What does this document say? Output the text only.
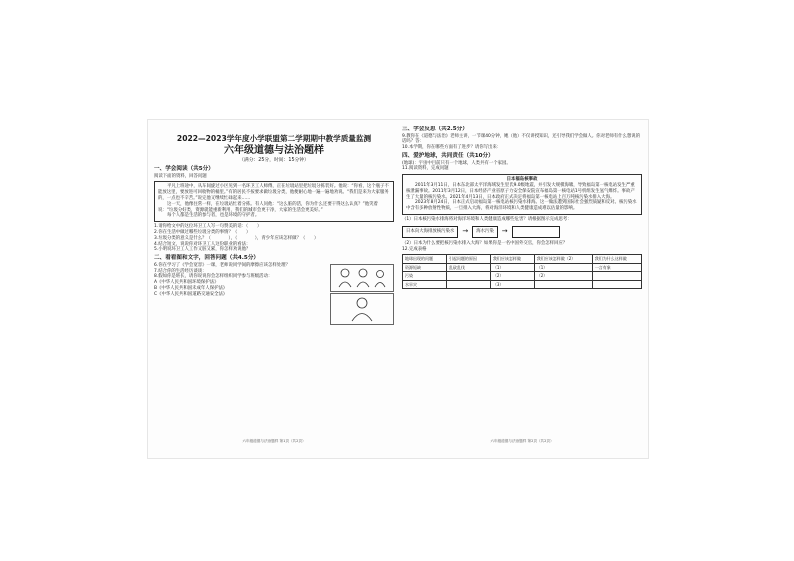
2022—2023学年度小学联盟第二学期期中教学质量监测
六年级道德与法治题样
（满分：25分，时间：15分钟）
一、学会阅读（共5分）

阅读下面的资料，回答问题

平凡上班途中，从车间旋过小区见到一名环卫工人师傅，正在垃圾站里把垃圾分拣装好。他说：“你看，这个瓶子不能放这里，要放进可回收物的桶里。”有的居民不按要求做垃圾分类，他便耐心地一遍一遍地劝说。“我们是来为大家服务的，一点也不辛苦。”说完他又继续忙碌起来……

这一天，他像往常一样，在垃圾站忙着分拣。有人问他：“这么脏的活，你为什么还要干得这么认真？”他笑着说：“垃圾分好类，资源就能重新利用，我们的城市会更干净，大家的生活会更美好。”

每个人都是生活的参与者，也是环境的守护者。

1.请你给文中的这位环卫工人写一句赞美的话：（　　）

2.你在生活中做过哪些垃圾分类的事情？（　　）

3.垃圾分类的意义是什么？（　　　　），（　　　　），青少年应该怎样做？（　　）

4.结合短文，说说你对环卫工人这份职业的看法：

5.小明说环卫工人工作又脏又累，你怎样劝说他？

二、看看图和文字，回答问题（共4.5分）

6.你在学习了《学会宽容》一课，老师说同学间的摩擦应该怎样处理？

7.结合你的生活经历谈谈：

8.假如你是班长，请你说说你会怎样组织同学参与班级活动：

A《中华人民共和国环境保护法》

B《中华人民共和国未成年人保护法》

C《中华人民共和国道路交通安全法》

六年级道德与法治题样 第1页（共2页）
三、学会反思（共2.5分）

9.教你在《道德与法治》老师主讲，一节课40分钟，她（他）不仅讲授知识，还引导我们学会做人。你对老师有什么想说的话吗？答：

10.本学期，你在哪些方面有了进步？请你写出来：

四、爱护地球，共同责任（共10分）

(地球)：宇宙中目前只有一个地球，人类共有一个家园。

11.阅读资料，完成问题

日本福岛核事故

2011年3月11日，日本东北部太平洋海域发生里氏9.0级地震，并引发大规模海啸，导致福岛第一核电站发生严重核泄漏事故。2011年3月12日，日本经济产业省原子力安全保安院宣布福岛第一核电站1号机组发生氢气爆炸。事故产生了大量的核污染水。2021年4月13日，日本政府正式决定将福岛第一核电站上百万吨核污染水排入大海。

2023年8月24日，日本正式启动福岛第一核电站核污染水排海。这一做法遭到国际社会强烈质疑和反对。核污染水中含有多种放射性物质，一旦排入大海，将对海洋环境和人类健康造成难以估量的影响。

（1）日本核污染水排海将对海洋环境和人类健康造成哪些危害？请根据图示完成思考：

日本向大海排放核污染水	→	海水污染	→

（2）日本为什么要把核污染水排入大海？如果你是一名中国外交官，你会怎样回应？

12.完成表格

地球出现的问题	引起问题的原因	我们应该怎样做	我们应该怎样做（2）	我们为什么这样做
资源短缺	乱砍乱伐	（1）	（1）	一言有象
污染		（2）	（2）	
水旱灾		（3）		
六年级道德与法治题样 第2页（共2页）
